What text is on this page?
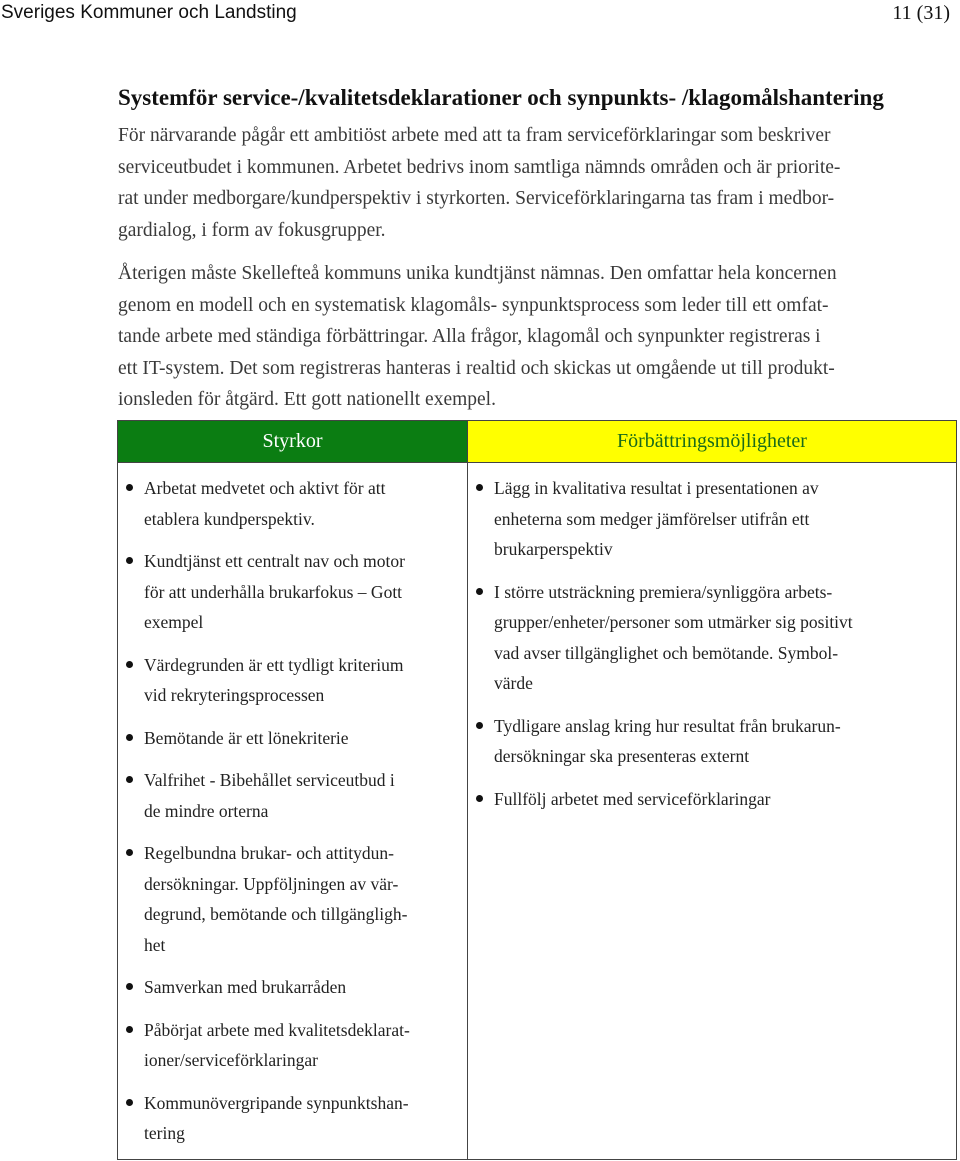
Sveriges Kommuner och Landsting	11 (31)
Systemför service-/kvalitetsdeklarationer och synpunkts- /klagomålshantering
För närvarande pågår ett ambitiöst arbete med att ta fram serviceförklaringar som beskriver
serviceutbudet i kommunen. Arbetet bedrivs inom samtliga nämnds områden och är priorite-
rat under medborgare/kundperspektiv i styrkorten. Serviceförklaringarna tas fram i medbor-
gardialog, i form av fokusgrupper.
Återigen måste Skellefteå kommuns unika kundtjänst nämnas. Den omfattar hela koncernen
genom en modell och en systematisk klagomåls- synpunktsprocess som leder till ett omfat-
tande arbete med ständiga förbättringar. Alla frågor, klagomål och synpunkter registreras i
ett IT-system. Det som registreras hanteras i realtid och skickas ut omgående ut till produkt-
ionsleden för åtgärd. Ett gott nationellt exempel.
Styrkor
Arbetat medvetet och aktivt för att
etablera kundperspektiv.
Kundtjänst ett centralt nav och motor
för att underhålla brukarfokus – Gott
exempel
Värdegrunden är ett tydligt kriterium
vid rekryteringsprocessen
Bemötande är ett lönekriterie
Valfrihet - Bibehållet serviceutbud i
de mindre orterna
Regelbundna brukar- och attitydun-
dersökningar. Uppföljningen av vär-
degrund, bemötande och tillgängligh-
het
Samverkan med brukarråden
Påbörjat arbete med kvalitetsdeklarat-
ioner/serviceförklaringar
Kommunövergripande synpunktshan-
tering
Förbättringsmöjligheter
Lägg in kvalitativa resultat i presentationen av
enheterna som medger jämförelser utifrån ett
brukarperspektiv
I större utsträckning premiera/synliggöra arbets-
grupper/enheter/personer som utmärker sig positivt
vad avser tillgänglighet och bemötande. Symbol-
värde
Tydligare anslag kring hur resultat från brukarun-
dersökningar ska presenteras externt
Fullfölj arbetet med serviceförklaringar
